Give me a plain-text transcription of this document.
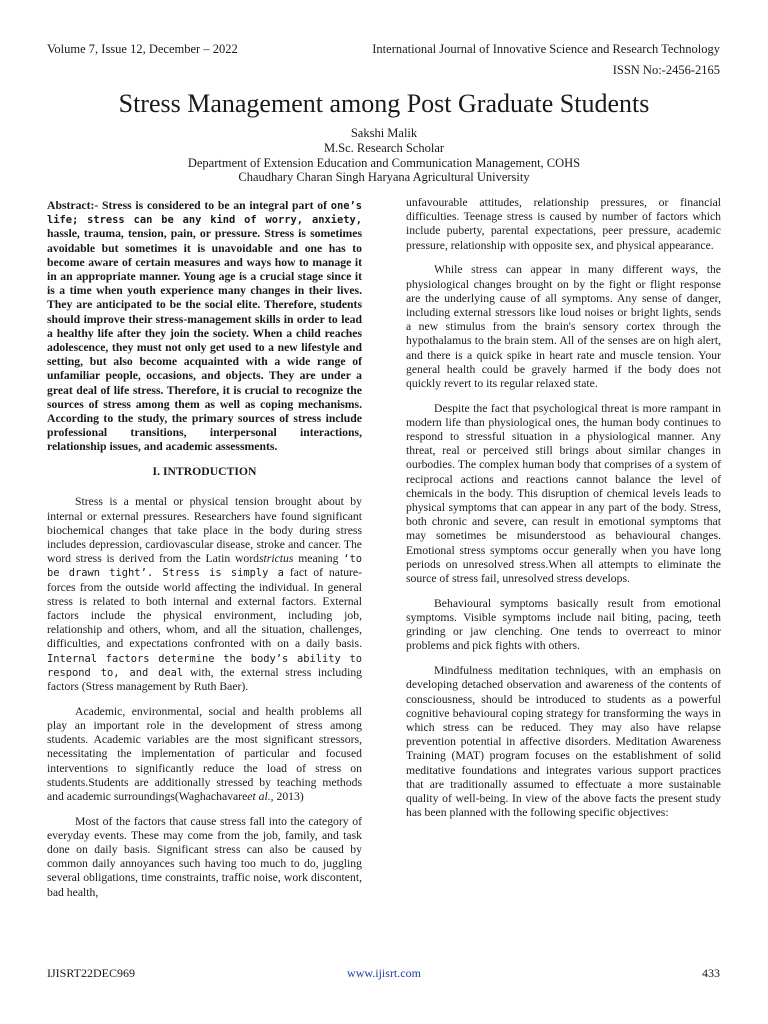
Volume 7, Issue 12, December – 2022	International Journal of Innovative Science and Research Technology
ISSN No:-2456-2165
Stress Management among Post Graduate Students
Sakshi Malik
M.Sc. Research Scholar
Department of Extension Education and Communication Management, COHS
Chaudhary Charan Singh Haryana Agricultural University

Abstract:- Stress is considered to be an integral part of one’s life; stress can be any kind of worry, anxiety, hassle, trauma, tension, pain, or pressure. Stress is sometimes avoidable but sometimes it is unavoidable and one has to become aware of certain measures and ways how to manage it in an appropriate manner. Young age is a crucial stage since it is a time when youth experience many changes in their lives. They are anticipated to be the social elite. Therefore, students should improve their stress-management skills in order to lead a healthy life after they join the society. When a child reaches adolescence, they must not only get used to a new lifestyle and setting, but also become acquainted with a wide range of unfamiliar people, occasions, and objects. They are under a great deal of life stress. Therefore, it is crucial to recognize the sources of stress among them as well as coping mechanisms. According to the study, the primary sources of stress include professional transitions, interpersonal interactions, relationship issues, and academic assessments.

I. INTRODUCTION

Stress is a mental or physical tension brought about by internal or external pressures. Researchers have found significant biochemical changes that take place in the body during stress includes depression, cardiovascular disease, stroke and cancer. The word stress is derived from the Latin wordstrictus meaning ‘to be drawn tight’. Stress is simply a fact of nature-forces from the outside world affecting the individual. In general stress is related to both internal and external factors. External factors include the physical environment, including job, relationship and others, whom, and all the situation, challenges, difficulties, and expectations confronted with on a daily basis. Internal factors determine the body’s ability to respond to, and deal with, the external stress including factors (Stress management by Ruth Baer).

Academic, environmental, social and health problems all play an important role in the development of stress among students. Academic variables are the most significant stressors, necessitating the implementation of particular and focused interventions to significantly reduce the load of stress on students.Students are additionally stressed by teaching methods and academic surroundings(Waghachavareet al., 2013)

Most of the factors that cause stress fall into the category of everyday events. These may come from the job, family, and task done on daily basis. Significant stress can also be caused by common daily annoyances such having too much to do, juggling several obligations, time constraints, traffic noise, work discontent, bad health,

unfavourable attitudes, relationship pressures, or financial difficulties. Teenage stress is caused by number of factors which include puberty, parental expectations, peer pressure, academic pressure, relationship with opposite sex, and physical appearance.

While stress can appear in many different ways, the physiological changes brought on by the fight or flight response are the underlying cause of all symptoms. Any sense of danger, including external stressors like loud noises or bright lights, sends a new stimulus from the brain's sensory cortex through the hypothalamus to the brain stem. All of the senses are on high alert, and there is a quick spike in heart rate and muscle tension. Your general health could be gravely harmed if the body does not quickly revert to its regular relaxed state.

Despite the fact that psychological threat is more rampant in modern life than physiological ones, the human body continues to respond to stressful situation in a physiological manner. Any threat, real or perceived still brings about similar changes in ourbodies. The complex human body that comprises of a system of reciprocal actions and reactions cannot balance the level of chemicals in the body. This disruption of chemical levels leads to physical symptoms that can appear in any part of the body. Stress, both chronic and severe, can result in emotional symptoms that may sometimes be misunderstood as behavioural changes. Emotional stress symptoms occur generally when you have long periods on unresolved stress.When all attempts to eliminate the source of stress fail, unresolved stress develops.

Behavioural symptoms basically result from emotional symptoms. Visible symptoms include nail biting, pacing, teeth grinding or jaw clenching. One tends to overreact to minor problems and pick fights with others.

Mindfulness meditation techniques, with an emphasis on developing detached observation and awareness of the contents of consciousness, should be introduced to students as a powerful cognitive behavioural coping strategy for transforming the ways in which stress can be reduced. They may also have relapse prevention potential in affective disorders. Meditation Awareness Training (MAT) program focuses on the establishment of solid meditative foundations and integrates various support practices that are traditionally assumed to effectuate a more sustainable quality of well-being. In view of the above facts the present study has been planned with the following specific objectives:

IJISRT22DEC969	www.ijisrt.com	433
